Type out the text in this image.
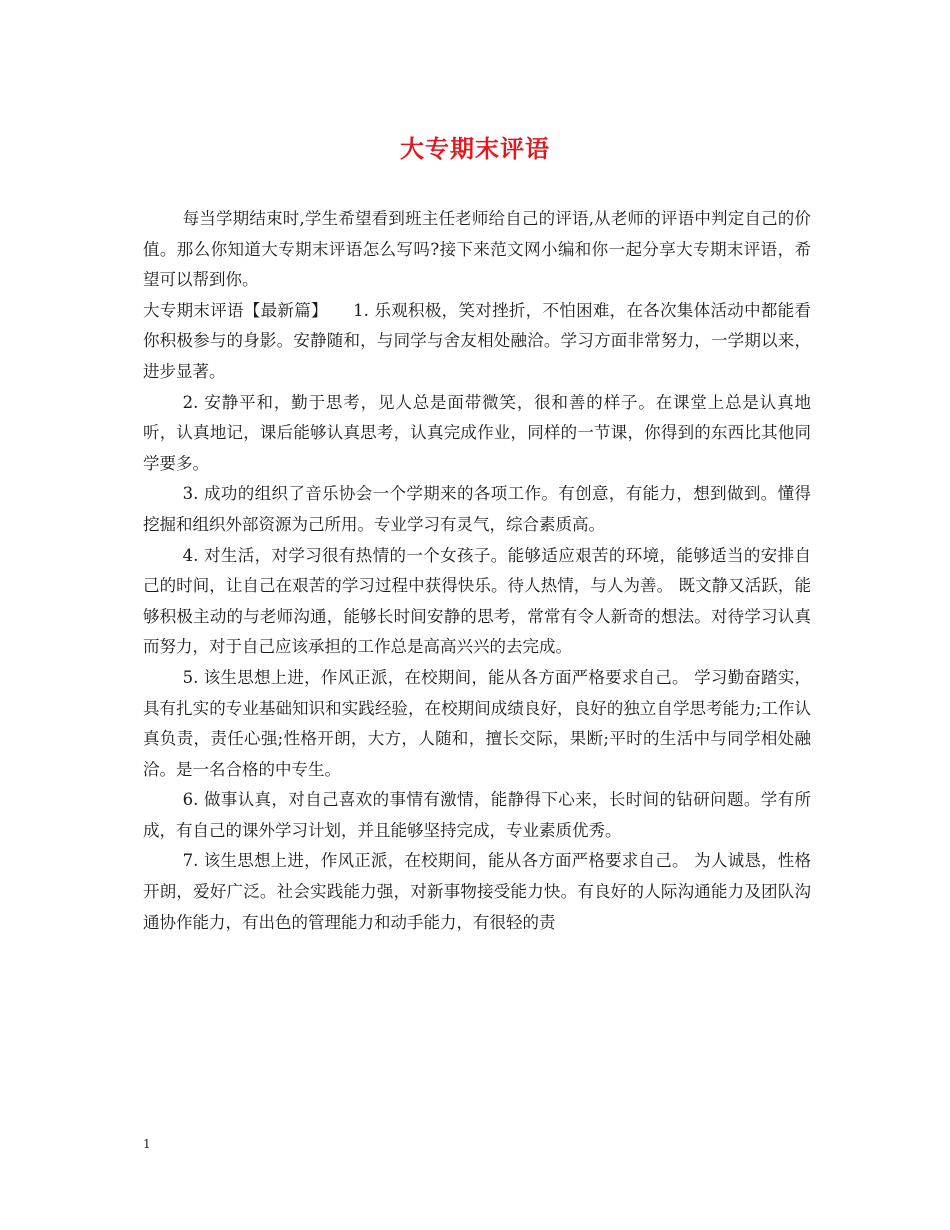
大专期末评语

每当学期结束时,学生希望看到班主任老师给自己的评语,从老师的评语中判定自己的价值。那么你知道大专期末评语怎么写吗?接下来范文网小编和你一起分享大专期末评语，希望可以帮到你。

大专期末评语【最新篇】　　1. 乐观积极，笑对挫折，不怕困难，在各次集体活动中都能看你积极参与的身影。安静随和，与同学与舍友相处融洽。学习方面非常努力，一学期以来，进步显著。

2. 安静平和，勤于思考，见人总是面带微笑，很和善的样子。在课堂上总是认真地听，认真地记，课后能够认真思考，认真完成作业，同样的一节课，你得到的东西比其他同学要多。

3. 成功的组织了音乐协会一个学期来的各项工作。有创意，有能力，想到做到。懂得挖掘和组织外部资源为己所用。专业学习有灵气，综合素质高。

4. 对生活，对学习很有热情的一个女孩子。能够适应艰苦的环境，能够适当的安排自己的时间，让自己在艰苦的学习过程中获得快乐。待人热情，与人为善。 既文静又活跃，能够积极主动的与老师沟通，能够长时间安静的思考，常常有令人新奇的想法。对待学习认真而努力，对于自己应该承担的工作总是高高兴兴的去完成。

5. 该生思想上进，作风正派，在校期间，能从各方面严格要求自己。 学习勤奋踏实，具有扎实的专业基础知识和实践经验，在校期间成绩良好，良好的独立自学思考能力;工作认真负责，责任心强;性格开朗，大方，人随和，擅长交际，果断;平时的生活中与同学相处融洽。是一名合格的中专生。

6. 做事认真，对自己喜欢的事情有激情，能静得下心来，长时间的钻研问题。学有所成，有自己的课外学习计划，并且能够坚持完成，专业素质优秀。

7. 该生思想上进，作风正派，在校期间，能从各方面严格要求自己。 为人诚恳，性格开朗，爱好广泛。社会实践能力强，对新事物接受能力快。有良好的人际沟通能力及团队沟通协作能力，有出色的管理能力和动手能力，有很轻的责

1
